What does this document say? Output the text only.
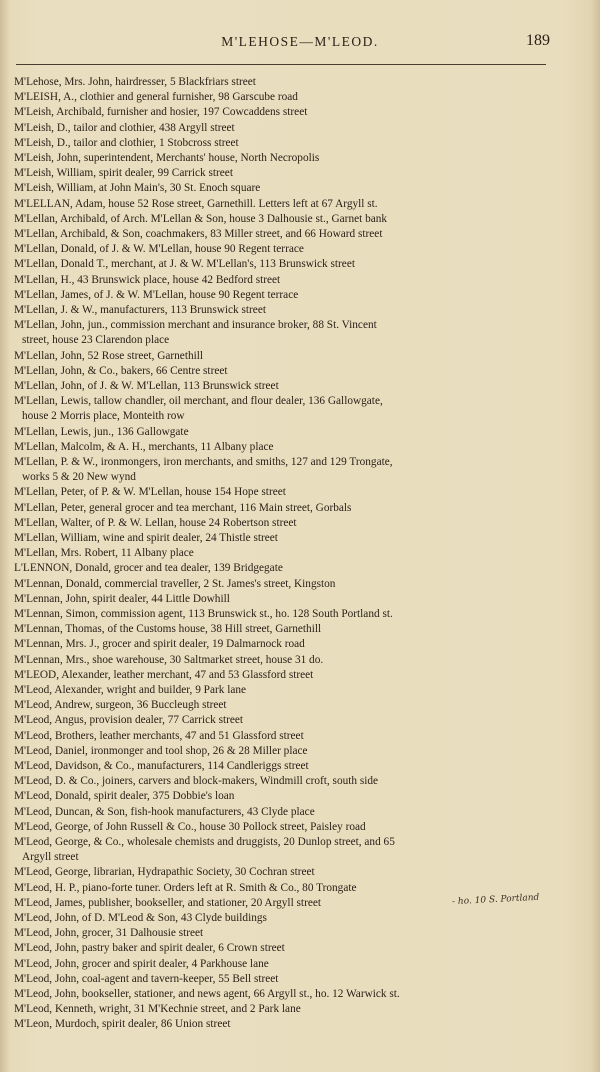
M'LEHOSE—M'LEOD.	189
M'Lehose, Mrs. John, hairdresser, 5 Blackfriars street
M'LEISH, A., clothier and general furnisher, 98 Garscube road
M'Leish, Archibald, furnisher and hosier, 197 Cowcaddens street
M'Leish, D., tailor and clothier, 438 Argyll street
M'Leish, D., tailor and clothier, 1 Stobcross street
M'Leish, John, superintendent, Merchants' house, North Necropolis
M'Leish, William, spirit dealer, 99 Carrick street
M'Leish, William, at John Main's, 30 St. Enoch square
M'LELLAN, Adam, house 52 Rose street, Garnethill. Letters left at 67 Argyll st.
M'Lellan, Archibald, of Arch. M'Lellan & Son, house 3 Dalhousie st., Garnet bank
M'Lellan, Archibald, & Son, coachmakers, 83 Miller street, and 66 Howard street
M'Lellan, Donald, of J. & W. M'Lellan, house 90 Regent terrace
M'Lellan, Donald T., merchant, at J. & W. M'Lellan's, 113 Brunswick street
M'Lellan, H., 43 Brunswick place, house 42 Bedford street
M'Lellan, James, of J. & W. M'Lellan, house 90 Regent terrace
M'Lellan, J. & W., manufacturers, 113 Brunswick street
M'Lellan, John, jun., commission merchant and insurance broker, 88 St. Vincent
street, house 23 Clarendon place
M'Lellan, John, 52 Rose street, Garnethill
M'Lellan, John, & Co., bakers, 66 Centre street
M'Lellan, John, of J. & W. M'Lellan, 113 Brunswick street
M'Lellan, Lewis, tallow chandler, oil merchant, and flour dealer, 136 Gallowgate,
house 2 Morris place, Monteith row
M'Lellan, Lewis, jun., 136 Gallowgate
M'Lellan, Malcolm, & A. H., merchants, 11 Albany place
M'Lellan, P. & W., ironmongers, iron merchants, and smiths, 127 and 129 Trongate,
works 5 & 20 New wynd
M'Lellan, Peter, of P. & W. M'Lellan, house 154 Hope street
M'Lellan, Peter, general grocer and tea merchant, 116 Main street, Gorbals
M'Lellan, Walter, of P. & W. Lellan, house 24 Robertson street
M'Lellan, William, wine and spirit dealer, 24 Thistle street
M'Lellan, Mrs. Robert, 11 Albany place
L'LENNON, Donald, grocer and tea dealer, 139 Bridgegate
M'Lennan, Donald, commercial traveller, 2 St. James's street, Kingston
M'Lennan, John, spirit dealer, 44 Little Dowhill
M'Lennan, Simon, commission agent, 113 Brunswick st., ho. 128 South Portland st.
M'Lennan, Thomas, of the Customs house, 38 Hill street, Garnethill
M'Lennan, Mrs. J., grocer and spirit dealer, 19 Dalmarnock road
M'Lennan, Mrs., shoe warehouse, 30 Saltmarket street, house 31 do.
M'LEOD, Alexander, leather merchant, 47 and 53 Glassford street
M'Leod, Alexander, wright and builder, 9 Park lane
M'Leod, Andrew, surgeon, 36 Buccleugh street
M'Leod, Angus, provision dealer, 77 Carrick street
M'Leod, Brothers, leather merchants, 47 and 51 Glassford street
M'Leod, Daniel, ironmonger and tool shop, 26 & 28 Miller place
M'Leod, Davidson, & Co., manufacturers, 114 Candleriggs street
M'Leod, D. & Co., joiners, carvers and block-makers, Windmill croft, south side
M'Leod, Donald, spirit dealer, 375 Dobbie's loan
M'Leod, Duncan, & Son, fish-hook manufacturers, 43 Clyde place
M'Leod, George, of John Russell & Co., house 30 Pollock street, Paisley road
M'Leod, George, & Co., wholesale chemists and druggists, 20 Dunlop street, and 65
Argyll street
M'Leod, George, librarian, Hydrapathic Society, 30 Cochran street
M'Leod, H. P., piano-forte tuner. Orders left at R. Smith & Co., 80 Trongate
M'Leod, James, publisher, bookseller, and stationer, 20 Argyll street
M'Leod, John, of D. M'Leod & Son, 43 Clyde buildings
M'Leod, John, grocer, 31 Dalhousie street
M'Leod, John, pastry baker and spirit dealer, 6 Crown street
M'Leod, John, grocer and spirit dealer, 4 Parkhouse lane
M'Leod, John, coal-agent and tavern-keeper, 55 Bell street
M'Leod, John, bookseller, stationer, and news agent, 66 Argyll st., ho. 12 Warwick st.
M'Leod, Kenneth, wright, 31 M'Kechnie street, and 2 Park lane
M'Leon, Murdoch, spirit dealer, 86 Union street
- ho. 10 S. Portland
